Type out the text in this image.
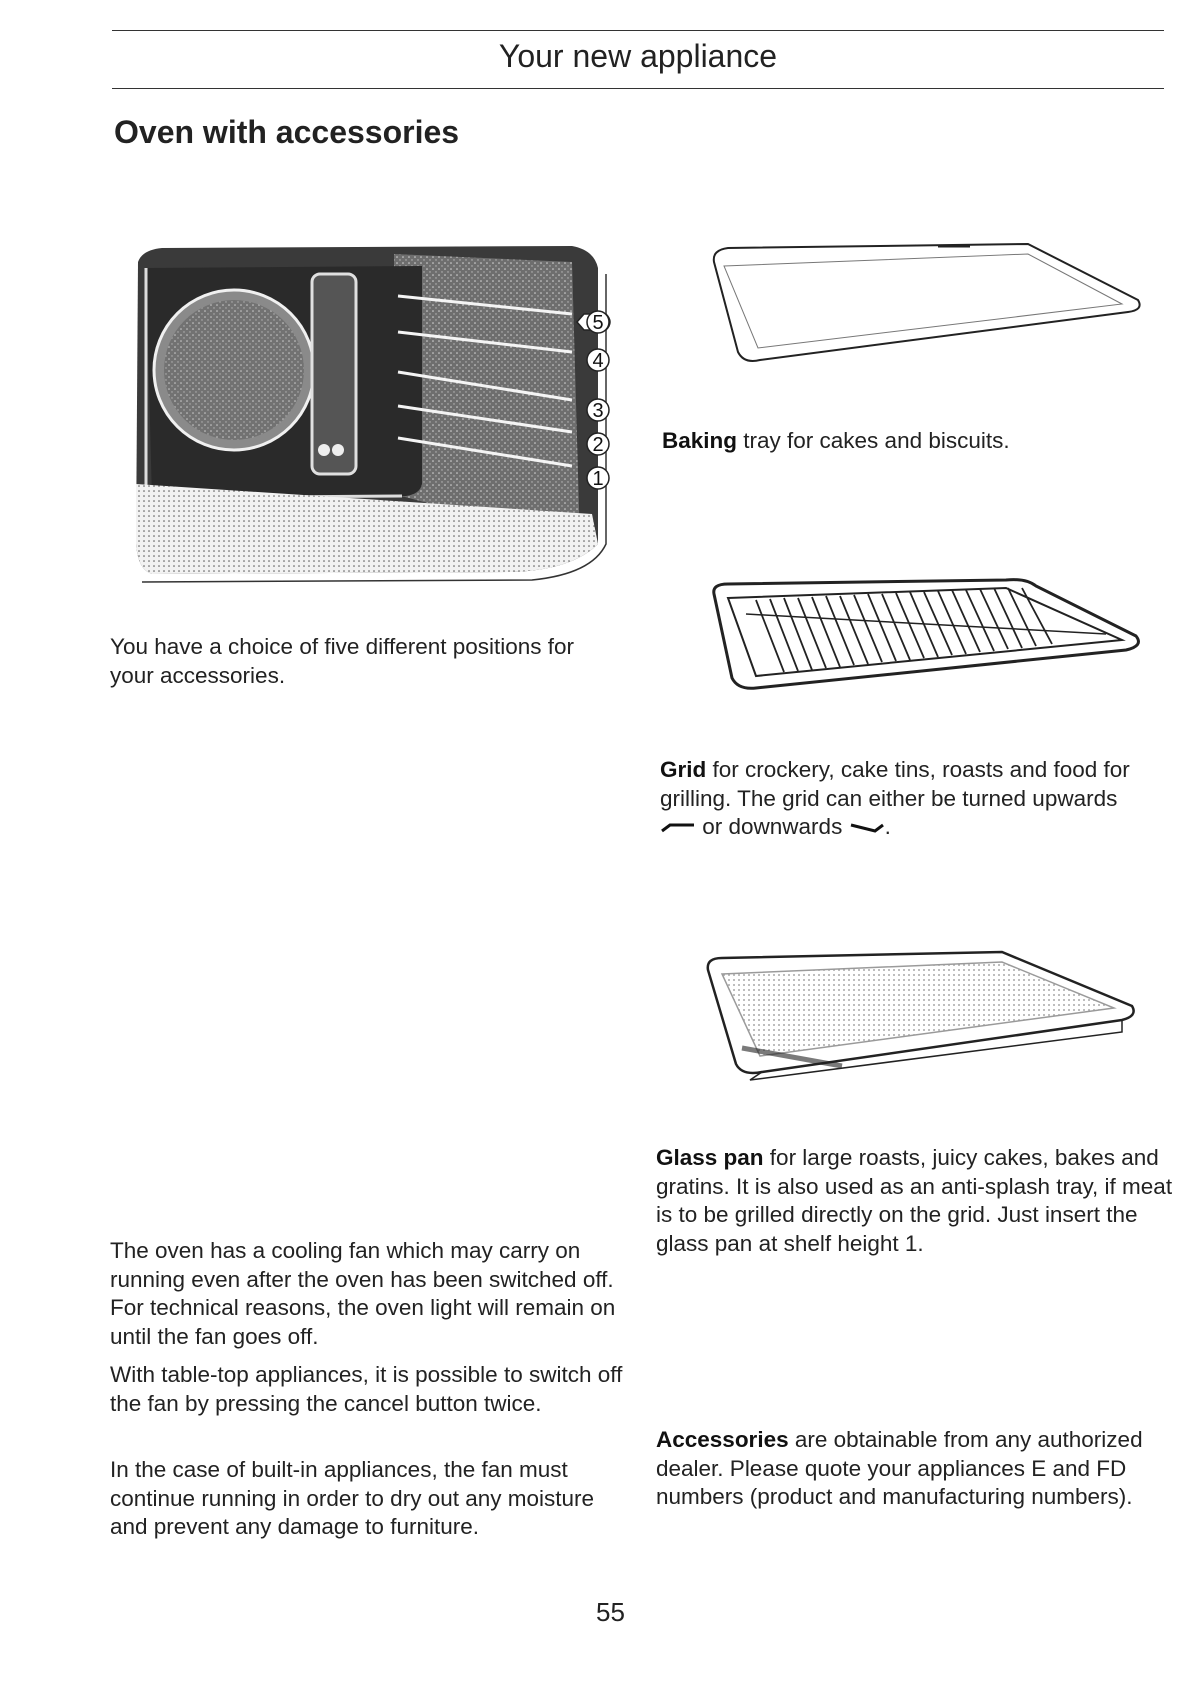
Your new appliance
Oven with accessories
5
4
3
2
1

You have a choice of five different positions for your accessories.

Baking tray for cakes and biscuits.

Grid for crockery, cake tins, roasts and food for grilling. The grid can either be turned upwards
or downwards .

Glass pan for large roasts, juicy cakes, bakes and gratins. It is also used as an anti-splash tray, if meat is to be grilled directly on the grid. Just insert the glass pan at shelf height 1.

The oven has a cooling fan which may carry on running even after the oven has been switched off. For technical reasons, the oven light will remain on until the fan goes off.

With table-top appliances, it is possible to switch off the fan by pressing the cancel button twice.

In the case of built-in appliances, the fan must continue running in order to dry out any moisture and prevent any damage to furniture.

Accessories are obtainable from any authorized dealer. Please quote your appliances E and FD numbers (product and manufacturing numbers).

55
